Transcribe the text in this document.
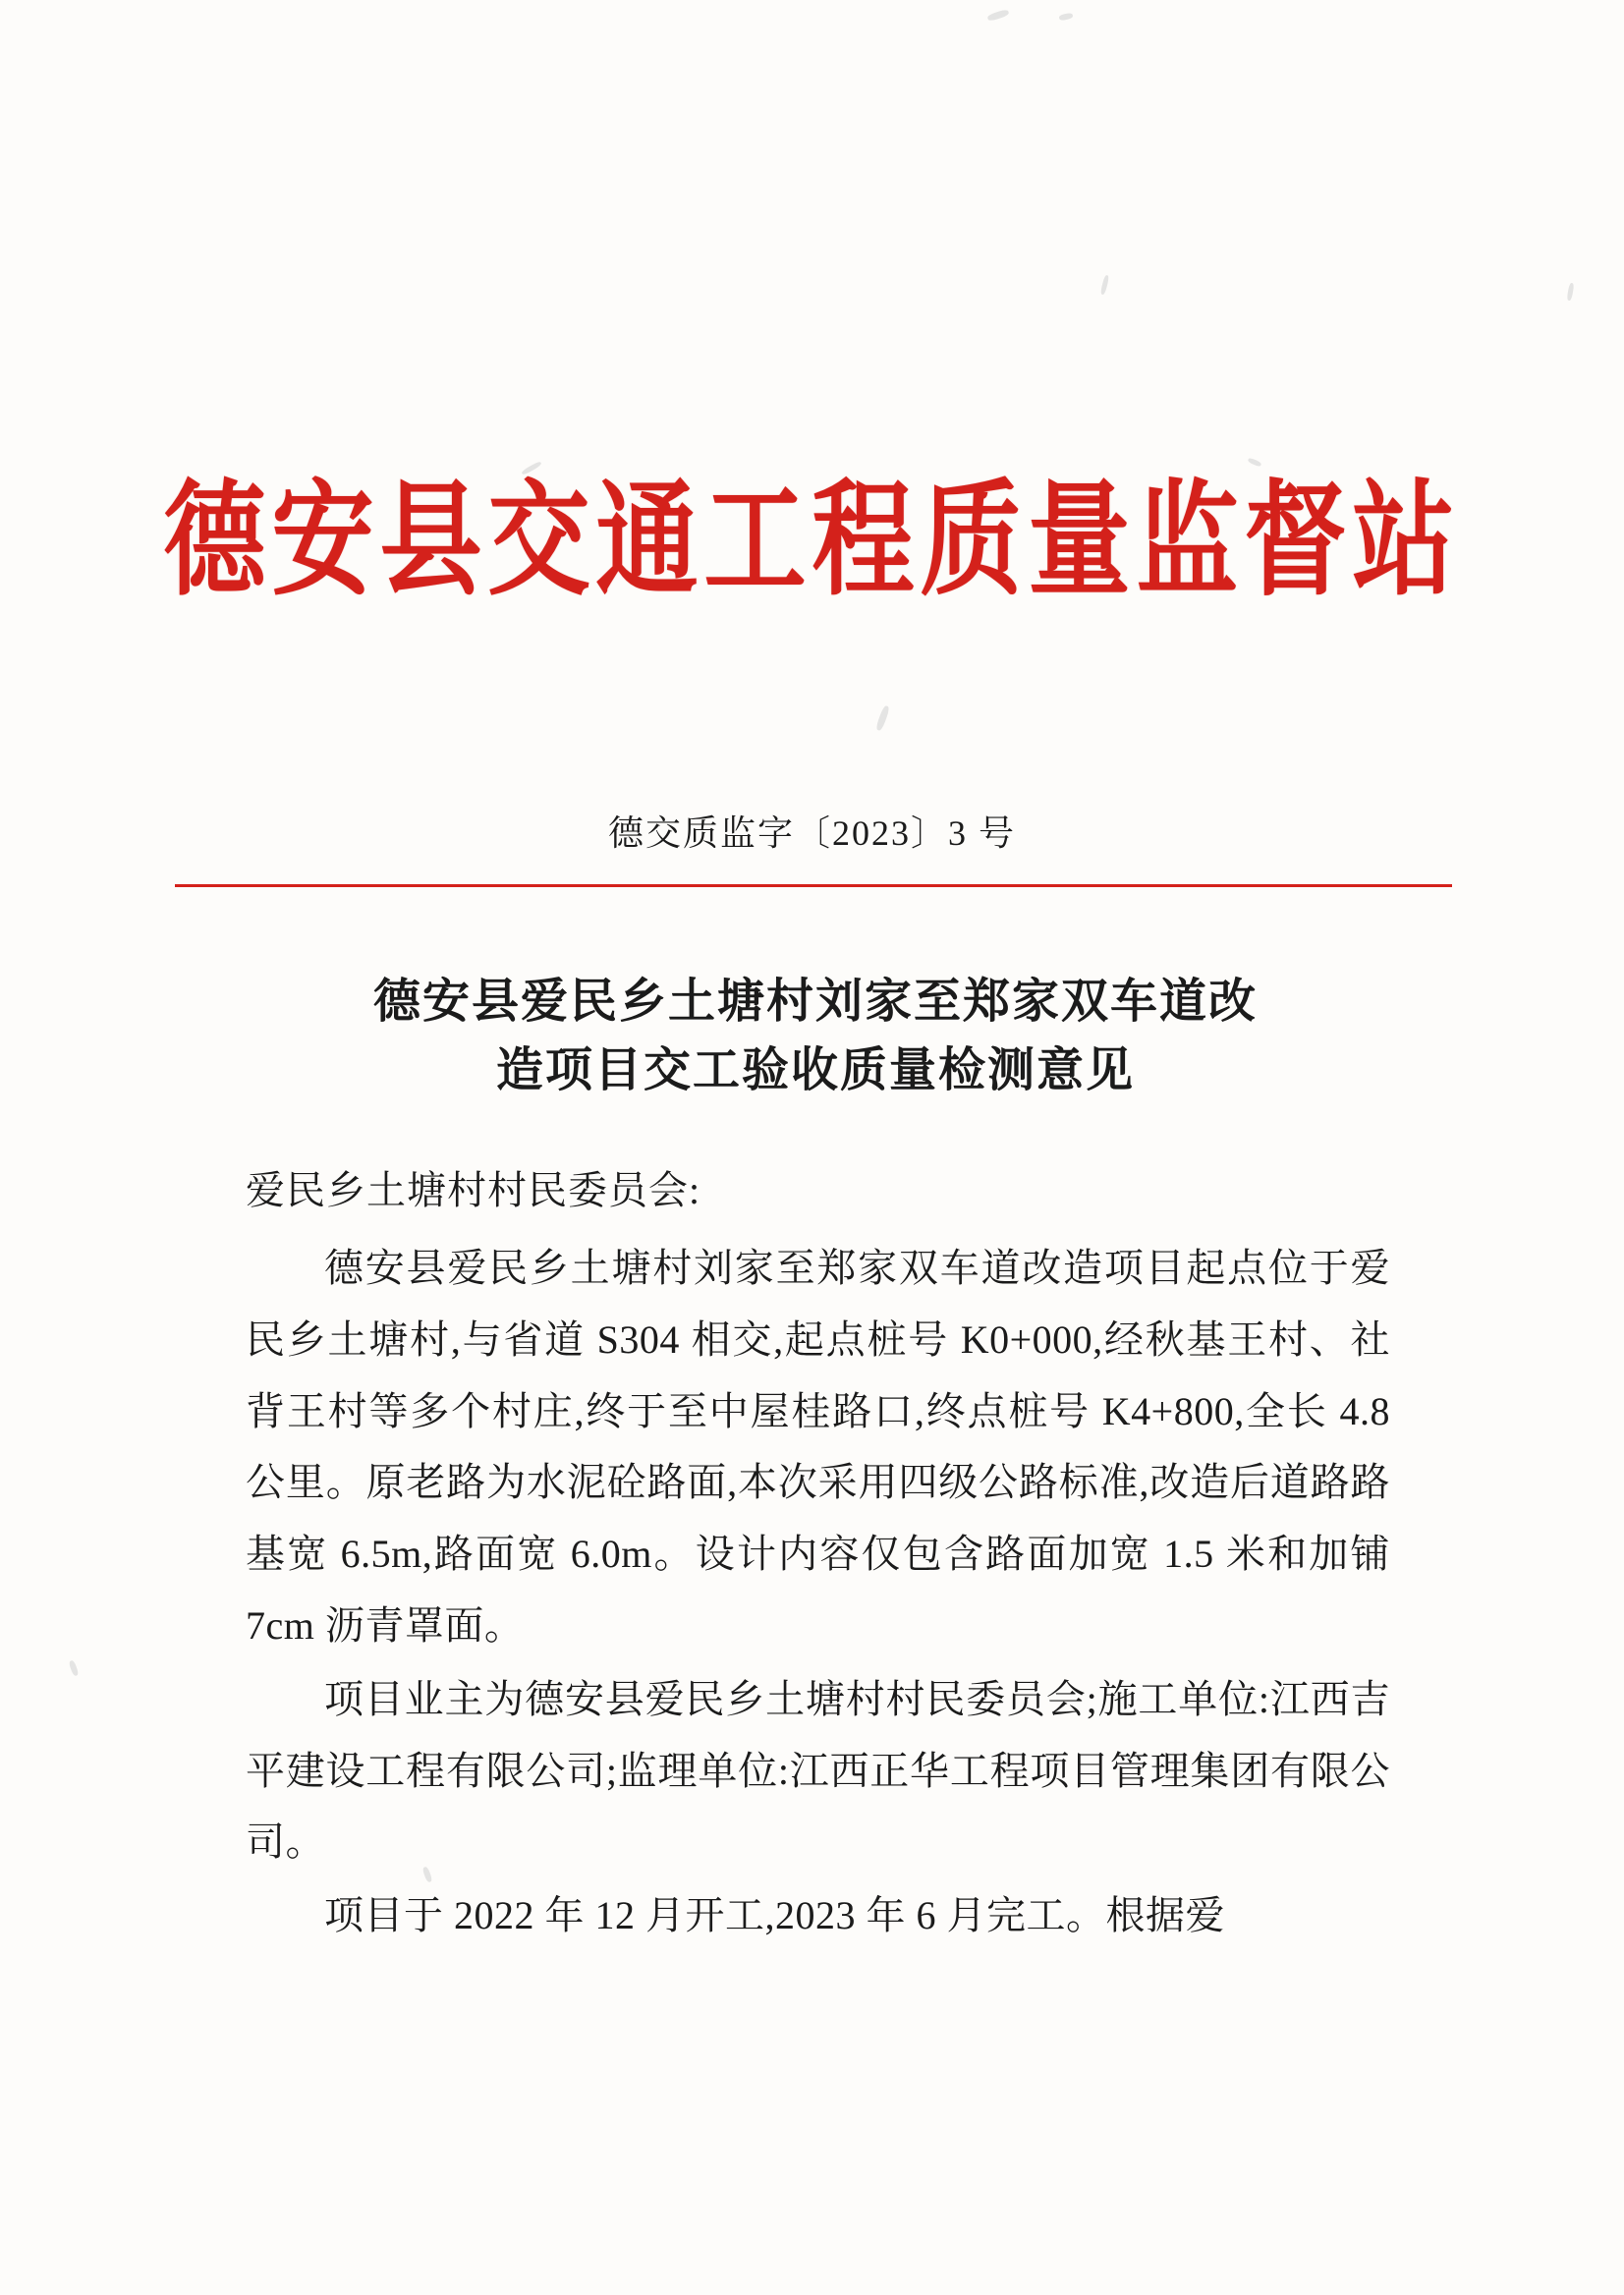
德安县交通工程质量监督站
德交质监字〔2023〕3 号
德安县爱民乡土塘村刘家至郑家双车道改
造项目交工验收质量检测意见
爱民乡土塘村村民委员会:

德安县爱民乡土塘村刘家至郑家双车道改造项目起点位于爱民乡土塘村,与省道 S304 相交,起点桩号 K0+000,经秋基王村、社背王村等多个村庄,终于至中屋桂路口,终点桩号 K4+800,全长 4.8 公里。原老路为水泥砼路面,本次采用四级公路标准,改造后道路路基宽 6.5m,路面宽 6.0m。设计内容仅包含路面加宽 1.5 米和加铺 7cm 沥青罩面。

项目业主为德安县爱民乡土塘村村民委员会;施工单位:江西吉平建设工程有限公司;监理单位:江西正华工程项目管理集团有限公司。

项目于 2022 年 12 月开工,2023 年 6 月完工。根据爱
